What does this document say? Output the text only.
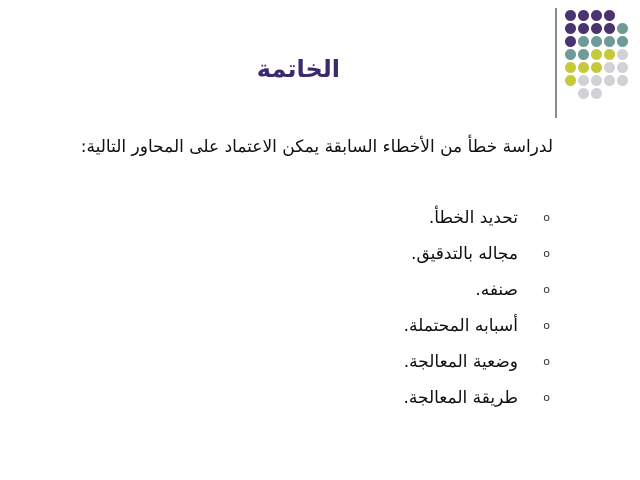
الخاتمة
لدراسة خطأ من الأخطاء السابقة يمكن الاعتماد على المحاور التالية:
o
تحديد الخطأ.
o
مجاله بالتدقيق.
o
صنفه.
o
أسبابه المحتملة.
o
وضعية المعالجة.
o
طريقة المعالجة.
